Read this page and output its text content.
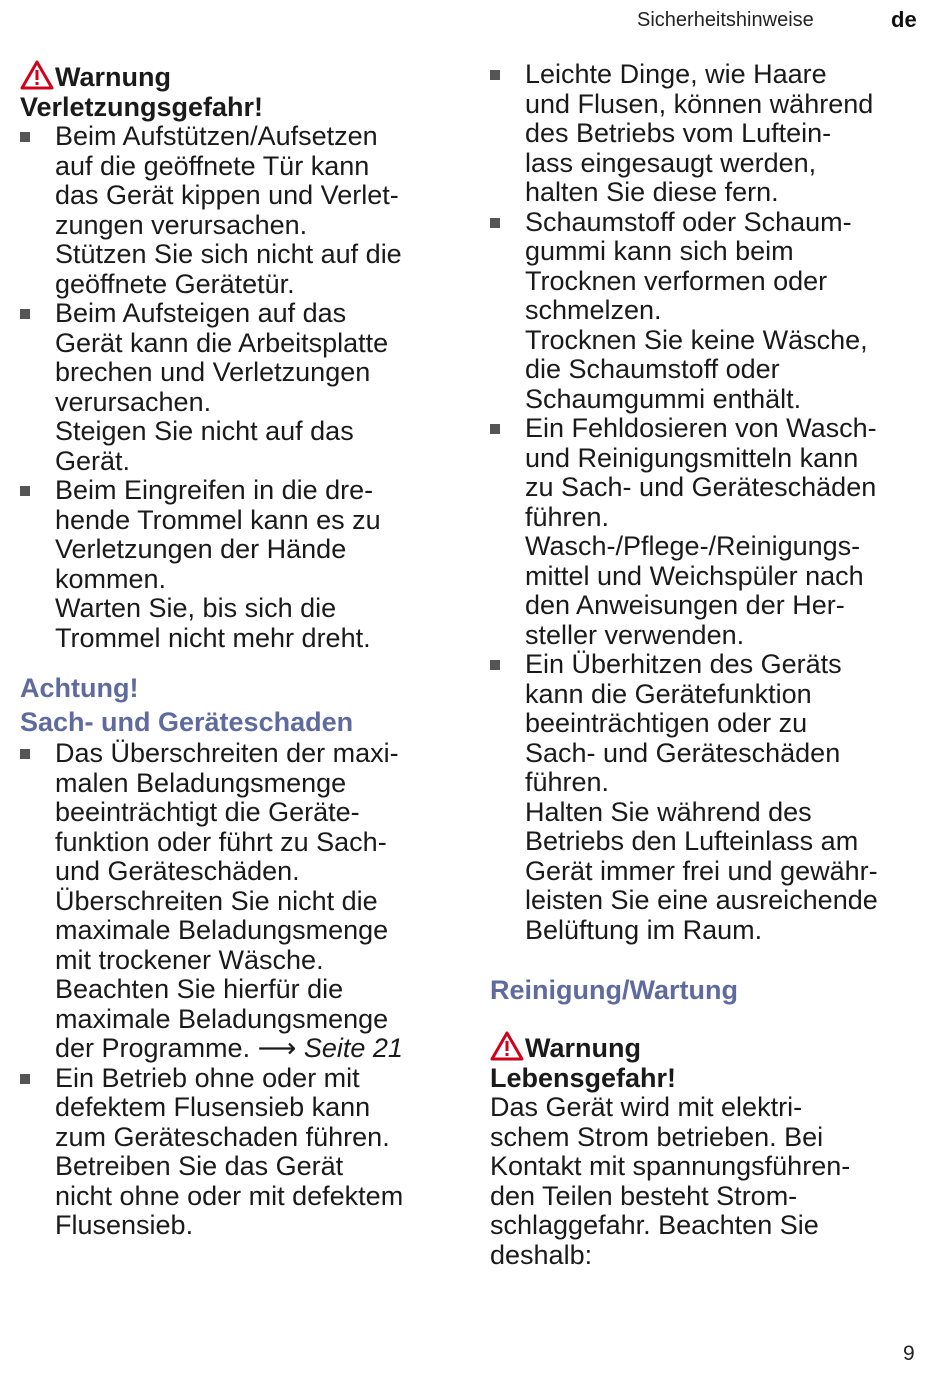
Sicherheitshinweise	de
Warnung
Verletzungsgefahr!
Beim Aufstützen/Aufsetzen
auf die geöffnete Tür kann
das Gerät kippen und Verlet-
zungen verursachen.
Stützen Sie sich nicht auf die
geöffnete Gerätetür.
Beim Aufsteigen auf das
Gerät kann die Arbeitsplatte
brechen und Verletzungen
verursachen.
Steigen Sie nicht auf das
Gerät.
Beim Eingreifen in die dre-
hende Trommel kann es zu
Verletzungen der Hände
kommen.
Warten Sie, bis sich die
Trommel nicht mehr dreht.
Achtung!
Sach- und Geräteschaden
Das Überschreiten der maxi-
malen Beladungsmenge
beeinträchtigt die Geräte-
funktion oder führt zu Sach-
und Geräteschäden.
Überschreiten Sie nicht die
maximale Beladungsmenge
mit trockener Wäsche.
Beachten Sie hierfür die
maximale Beladungsmenge
der Programme. ⟶ Seite 21
Ein Betrieb ohne oder mit
defektem Flusensieb kann
zum Geräteschaden führen.
Betreiben Sie das Gerät
nicht ohne oder mit defektem
Flusensieb.
Leichte Dinge, wie Haare
und Flusen, können während
des Betriebs vom Luftein-
lass eingesaugt werden,
halten Sie diese fern.
Schaumstoff oder Schaum-
gummi kann sich beim
Trocknen verformen oder
schmelzen.
Trocknen Sie keine Wäsche,
die Schaumstoff oder
Schaumgummi enthält.
Ein Fehldosieren von Wasch-
und Reinigungsmitteln kann
zu Sach- und Geräteschäden
führen.
Wasch-/Pflege-/Reinigungs-
mittel und Weichspüler nach
den Anweisungen der Her-
steller verwenden.
Ein Überhitzen des Geräts
kann die Gerätefunktion
beeinträchtigen oder zu
Sach- und Geräteschäden
führen.
Halten Sie während des
Betriebs den Lufteinlass am
Gerät immer frei und gewähr-
leisten Sie eine ausreichende
Belüftung im Raum.
Reinigung/Wartung
Warnung
Lebensgefahr!
Das Gerät wird mit elektri-
schem Strom betrieben. Bei
Kontakt mit spannungsführen-
den Teilen besteht Strom-
schlaggefahr. Beachten Sie
deshalb:
9
